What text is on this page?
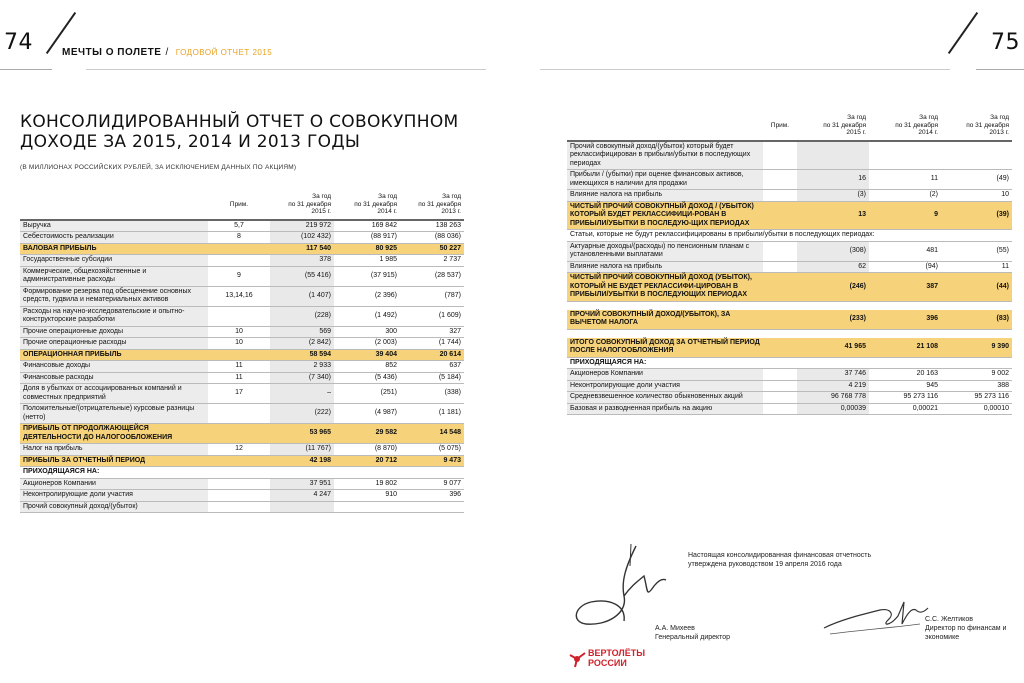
74	МЕЧТЫ О ПОЛЕТЕ / ГОДОВОЙ ОТЧЕТ 2015	75
КОНСОЛИДИРОВАННЫЙ ОТЧЕТ О СОВОКУПНОМ
ДОХОДЕ ЗА 2015, 2014 И 2013 ГОДЫ
(В МИЛЛИОНАХ РОССИЙСКИХ РУБЛЕЙ, ЗА ИСКЛЮЧЕНИЕМ ДАННЫХ ПО АКЦИЯМ)
	Прим.	За год
по 31 декабря
2015 г.	За год
по 31 декабря
2014 г.	За год
по 31 декабря
2013 г.
Выручка	5,7	219 972	169 842	138 263
Себестоимость реализации	8	(102 432)	(88 917)	(88 036)
ВАЛОВАЯ ПРИБЫЛЬ		117 540	80 925	50 227
Государственные субсидии		378	1 985	2 737
Коммерческие, общехозяйственные и административные расходы	9	(55 416)	(37 915)	(28 537)
Формирование резерва под обесценение основных средств, гудвила и нематериальных активов	13,14,16	(1 407)	(2 396)	(787)
Расходы на научно-исследовательские и опытно-конструкторские разработки		(228)	(1 492)	(1 609)
Прочие операционные доходы	10	569	300	327
Прочие операционные расходы	10	(2 842)	(2 003)	(1 744)
ОПЕРАЦИОННАЯ ПРИБЫЛЬ		58 594	39 404	20 614
Финансовые доходы	11	2 933	852	637
Финансовые расходы	11	(7 340)	(5 436)	(5 184)
Доля в убытках от ассоциированных компаний и совместных предприятий	17	–	(251)	(338)
Положительные/(отрицательные) курсовые разницы (нетто)		(222)	(4 987)	(1 181)
ПРИБЫЛЬ ОТ ПРОДОЛЖАЮЩЕЙСЯ ДЕЯТЕЛЬНОСТИ ДО НАЛОГООБЛОЖЕНИЯ		53 965	29 582	14 548
Налог на прибыль	12	(11 767)	(8 870)	(5 075)
ПРИБЫЛЬ ЗА ОТЧЕТНЫЙ ПЕРИОД		42 198	20 712	9 473
ПРИХОДЯЩАЯСЯ НА:				
Акционеров Компании		37 951	19 802	9 077
Неконтролирующие доли участия		4 247	910	396
Прочий совокупный доход/(убыток)				
	Прим.	За год
по 31 декабря
2015 г.	За год
по 31 декабря
2014 г.	За год
по 31 декабря
2013 г.
Прочий совокупный доход/(убыток) который будет реклассифицирован в прибыли/убытки в последующих периодах				
Прибыли / (убытки) при оценке финансовых активов, имеющихся в наличии для продажи		16	11	(49)
Влияние налога на прибыль		(3)	(2)	10
ЧИСТЫЙ ПРОЧИЙ СОВОКУПНЫЙ ДОХОД / (УБЫТОК) КОТОРЫЙ БУДЕТ РЕКЛАССИФИЦИ-РОВАН В ПРИБЫЛИ/УБЫТКИ В ПОСЛЕДУЮ-ЩИХ ПЕРИОДАХ		13	9	(39)
Статьи, которые не будут реклассифицированы в прибыли/убытки в последующих периодах:				
Актуарные доходы/(расходы) по пенсионным планам с установленными выплатами		(308)	481	(55)
Влияние налога на прибыль		62	(94)	11
ЧИСТЫЙ ПРОЧИЙ СОВОКУПНЫЙ ДОХОД (УБЫТОК), КОТОРЫЙ НЕ БУДЕТ РЕКЛАССИФИ-ЦИРОВАН В ПРИБЫЛИ/УБЫТКИ В ПОСЛЕДУЮЩИХ ПЕРИОДАХ		(246)	387	(44)

ПРОЧИЙ СОВОКУПНЫЙ ДОХОД/(УБЫТОК), ЗА ВЫЧЕТОМ НАЛОГА		(233)	396	(83)

ИТОГО СОВОКУПНЫЙ ДОХОД ЗА ОТЧЕТНЫЙ ПЕРИОД ПОСЛЕ НАЛОГООБЛОЖЕНИЯ		41 965	21 108	9 390
ПРИХОДЯЩАЯСЯ НА:				
Акционеров Компании		37 746	20 163	9 002
Неконтролирующие доли участия		4 219	945	388
Средневзвешенное количество обыкновенных акций		96 768 778	95 273 116	95 273 116
Базовая и разводненная прибыль на акцию		0,00039	0,00021	0,00010
Настоящая консолидированная финансовая отчетность утверждена руководством 19 апреля 2016 года
А.А. Михеев
Генеральный директор
С.С. Желтиков
Директор по финансам и экономике
ВЕРТОЛЁТЫ
РОССИИ
